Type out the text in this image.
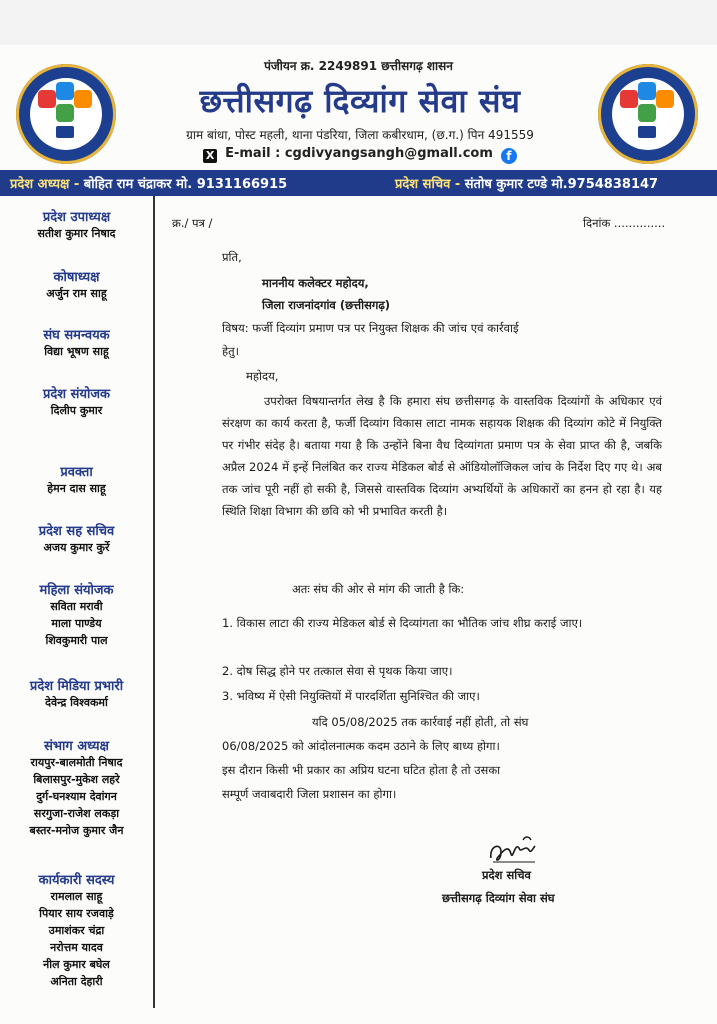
पंजीयन क्र. 2249891 छत्तीसगढ़ शासन
छत्तीसगढ़ दिव्यांग सेवा संघ
ग्राम बांधा, पोस्ट महली, थाना पंडरिया, जिला कबीरधाम, (छ.ग.) पिन 491559
X E-mail : cgdivyangsangh@gmall.com f
प्रदेश अध्यक्ष - बोहित राम चंद्राकर मो. 9131166915	प्रदेश सचिव - संतोष कुमार टण्डे मो.9754838147
प्रदेश उपाध्यक्ष
सतीश कुमार निषाद
कोषाध्यक्ष
अर्जुन राम साहू
संघ समन्वयक
विद्या भूषण साहू
प्रदेश संयोजक
दिलीप कुमार
प्रवक्ता
हेमन दास साहू
प्रदेश सह सचिव
अजय कुमार कुर्रे
महिला संयोजक
सविता मरावी
माला पाण्डेय
शिवकुमारी पाल
प्रदेश मिडिया प्रभारी
देवेन्द्र विश्वकर्मा
संभाग अध्यक्ष
रायपुर-बालमोती निषाद
बिलासपुर-मुकेश लहरे
दुर्ग-घनश्याम देवांगन
सरगुजा-राजेश लकड़ा
बस्तर-मनोज कुमार जैन
कार्यकारी सदस्य
रामलाल साहू
पियार साय रजवाड़े
उमाशंकर चंद्रा
नरोत्तम यादव
नील कुमार बघेल
अनिता देहारी
क्र./ पत्र /	दिनांक ..............
प्रति,
माननीय कलेक्टर महोदय,
जिला राजनांदगांव (छत्तीसगढ़)
विषय: फर्जी दिव्यांग प्रमाण पत्र पर नियुक्त शिक्षक की जांच एवं कार्रवाई
हेतु।
महोदय,
उपरोक्त विषयान्तर्गत लेख है कि हमारा संघ छत्तीसगढ़ के वास्तविक दिव्यांगों के अधिकार एवं संरक्षण का कार्य करता है, फर्जी दिव्यांग विकास लाटा नामक सहायक शिक्षक की दिव्यांग कोटे में नियुक्ति पर गंभीर संदेह है। बताया गया है कि उन्होंने बिना वैध दिव्यांगता प्रमाण पत्र के सेवा प्राप्त की है, जबकि अप्रैल 2024 में इन्हें निलंबित कर राज्य मेडिकल बोर्ड से ऑडियोलॉजिकल जांच के निर्देश दिए गए थे। अब तक जांच पूरी नहीं हो सकी है, जिससे वास्तविक दिव्यांग अभ्यर्थियों के अधिकारों का हनन हो रहा है। यह स्थिति शिक्षा विभाग की छवि को भी प्रभावित करती है।
अतः संघ की ओर से मांग की जाती है कि:
1. विकास लाटा की राज्य मेडिकल बोर्ड से दिव्यांगता का भौतिक जांच शीघ्र कराई जाए।
2. दोष सिद्ध होने पर तत्काल सेवा से पृथक किया जाए।
3. भविष्य में ऐसी नियुक्तियों में पारदर्शिता सुनिश्चित की जाए।
यदि 05/08/2025 तक कार्रवाई नहीं होती, तो संघ
06/08/2025 को आंदोलनात्मक कदम उठाने के लिए बाध्य होगा।
इस दौरान किसी भी प्रकार का अप्रिय घटना घटित होता है तो उसका
सम्पूर्ण जवाबदारी जिला प्रशासन का होगा।
प्रदेश सचिव
छत्तीसगढ़ दिव्यांग सेवा संघ
